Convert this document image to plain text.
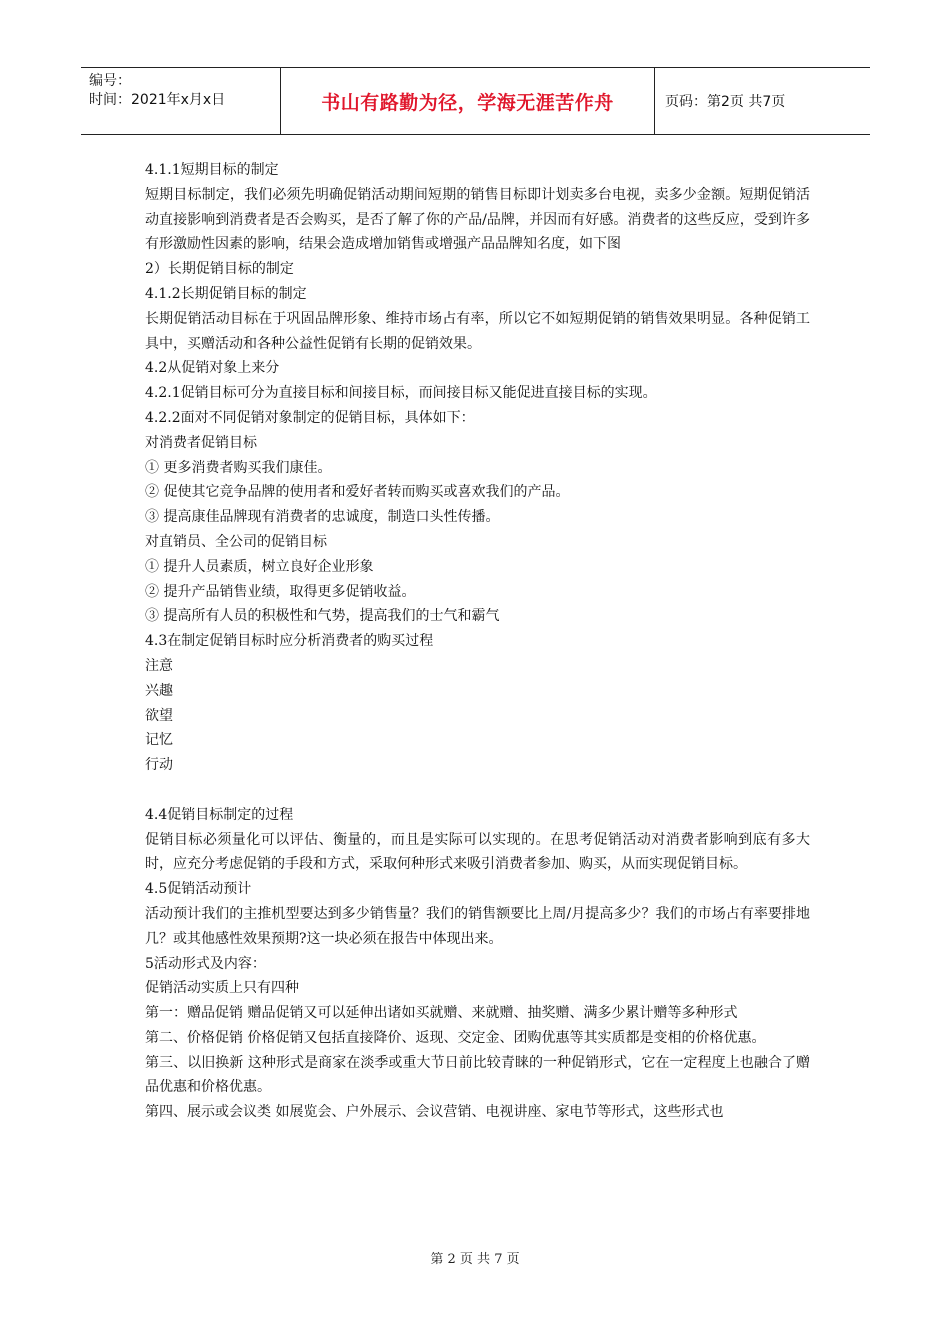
编号：
时间：2021年x月x日	书山有路勤为径，学海无涯苦作舟	页码：第2页 共7页

4.1.1短期目标的制定

短期目标制定，我们必须先明确促销活动期间短期的销售目标即计划卖多台电视，卖多少金额。短期促销活动直接影响到消费者是否会购买，是否了解了你的产品/品牌，并因而有好感。消费者的这些反应，受到许多有形激励性因素的影响，结果会造成增加销售或增强产品品牌知名度，如下图

2）长期促销目标的制定

4.1.2长期促销目标的制定

长期促销活动目标在于巩固品牌形象、维持市场占有率，所以它不如短期促销的销售效果明显。各种促销工具中，买赠活动和各种公益性促销有长期的促销效果。

4.2从促销对象上来分

4.2.1促销目标可分为直接目标和间接目标，而间接目标又能促进直接目标的实现。

4.2.2面对不同促销对象制定的促销目标，具体如下：

对消费者促销目标

① 更多消费者购买我们康佳。

② 促使其它竞争品牌的使用者和爱好者转而购买或喜欢我们的产品。

③ 提高康佳品牌现有消费者的忠诚度，制造口头性传播。

对直销员、全公司的促销目标

① 提升人员素质，树立良好企业形象

② 提升产品销售业绩，取得更多促销收益。

③ 提高所有人员的积极性和气势，提高我们的士气和霸气

4.3在制定促销目标时应分析消费者的购买过程

注意

兴趣

欲望

记忆

行动

4.4促销目标制定的过程

促销目标必须量化可以评估、衡量的，而且是实际可以实现的。在思考促销活动对消费者影响到底有多大时，应充分考虑促销的手段和方式，采取何种形式来吸引消费者参加、购买，从而实现促销目标。

4.5促销活动预计

活动预计我们的主推机型要达到多少销售量？我们的销售额要比上周/月提高多少？我们的市场占有率要排地几？或其他感性效果预期?这一块必须在报告中体现出来。

5活动形式及内容：

促销活动实质上只有四种

第一：赠品促销 赠品促销又可以延伸出诸如买就赠、来就赠、抽奖赠、满多少累计赠等多种形式

第二、价格促销 价格促销又包括直接降价、返现、交定金、团购优惠等其实质都是变相的价格优惠。

第三、以旧换新 这种形式是商家在淡季或重大节日前比较青睐的一种促销形式，它在一定程度上也融合了赠品优惠和价格优惠。

第四、展示或会议类 如展览会、户外展示、会议营销、电视讲座、家电节等形式，这些形式也

第 2 页 共 7 页
